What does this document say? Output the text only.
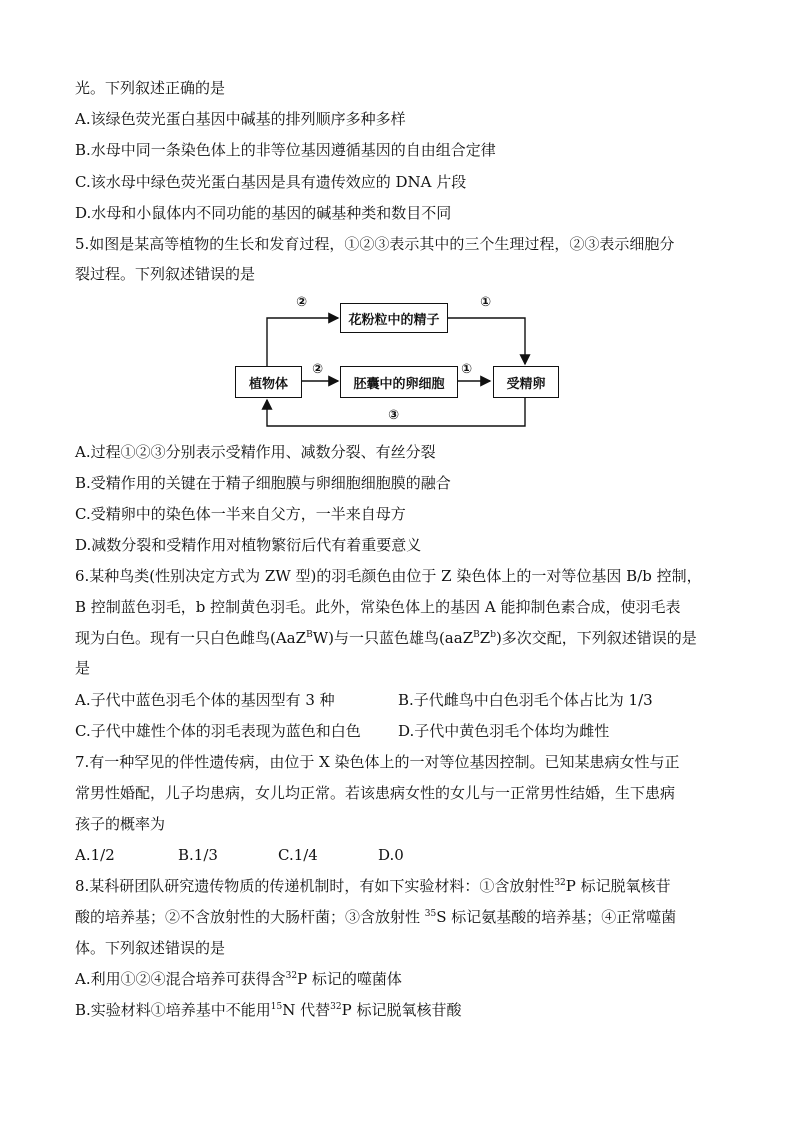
光。下列叙述正确的是
A.该绿色荧光蛋白基因中碱基的排列顺序多种多样
B.水母中同一条染色体上的非等位基因遵循基因的自由组合定律
C.该水母中绿色荧光蛋白基因是具有遗传效应的 DNA 片段
D.水母和小鼠体内不同功能的基因的碱基种类和数目不同
5.如图是某高等植物的生长和发育过程，①②③表示其中的三个生理过程，②③表示细胞分
裂过程。下列叙述错误的是
花粉粒中的精子
植物体	胚囊中的卵细胞	受精卵
②	①
②	①
③
A.过程①②③分别表示受精作用、减数分裂、有丝分裂
B.受精作用的关键在于精子细胞膜与卵细胞细胞膜的融合
C.受精卵中的染色体一半来自父方，一半来自母方
D.减数分裂和受精作用对植物繁衍后代有着重要意义
6.某种鸟类(性别决定方式为 ZW 型)的羽毛颜色由位于 Z 染色体上的一对等位基因 B/b 控制，
B 控制蓝色羽毛，b 控制黄色羽毛。此外，常染色体上的基因 A 能抑制色素合成，使羽毛表
现为白色。现有一只白色雌鸟(AaZ$^B$W)与一只蓝色雄鸟$(aaZ^BZ^b)$多次交配，下列叙述错误的是
是
A.子代中蓝色羽毛个体的基因型有 3 种	B.子代雌鸟中白色羽毛个体占比为 1/3
C.子代中雄性个体的羽毛表现为蓝色和白色 D.子代中黄色羽毛个体均为雌性
7.有一种罕见的伴性遗传病，由位于 X 染色体上的一对等位基因控制。已知某患病女性与正
常男性婚配，儿子均患病，女儿均正常。若该患病女性的女儿与一正常男性结婚，生下患病
孩子的概率为
A.1/2	B.1/3	C.1/4	D.0
8.某科研团队研究遗传物质的传递机制时，有如下实验材料：①含放射性$^{32}$P 标记脱氧核苷
酸的培养基；②不含放射性的大肠杆菌；③含放射性 $^{35}$S 标记氨基酸的培养基；④正常噬菌
体。下列叙述错误的是
A.利用①②④混合培养可获得含$^{32}$P 标记的噬菌体
B.实验材料①培养基中不能用$^{15}$N 代替$^{32}$P 标记脱氧核苷酸
